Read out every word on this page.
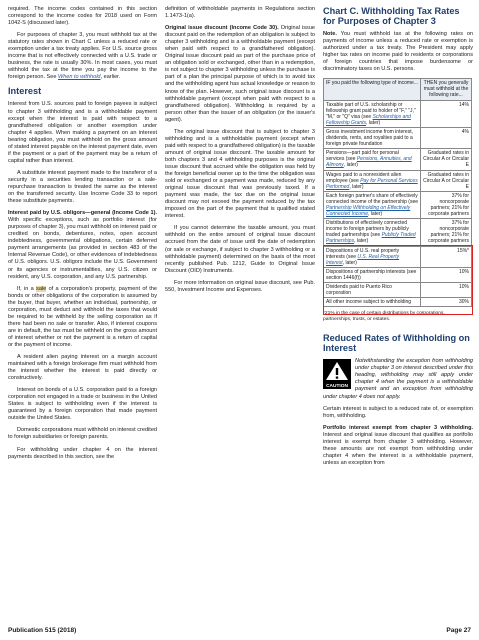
required. The income codes contained in this section correspond to the income codes for 2018 used on Form 1042-S (discussed later).

For purposes of chapter 3, you must withhold tax at the statutory rates shown in Chart C unless a reduced rate or exemption under a tax treaty applies. For U.S. source gross income that is not effectively connected with a U.S. trade or business, the rate is usually 30%. In most cases, you must withhold the tax at the time you pay the income to the foreign person. See When to withhold, earlier.

Interest

Interest from U.S. sources paid to foreign payees is subject to chapter 3 withholding and is a withholdable payment except when the interest is paid with respect to a grandfathered obligation or another exemption under chapter 4 applies. When making a payment on an interest bearing obligation, you must withhold on the gross amount of stated interest payable on the interest payment date, even if the payment or a part of the payment may be a return of capital rather than interest.

A substitute interest payment made to the transferor of a security in a securities lending transaction or a sale-repurchase transaction is treated the same as the interest on the transferred security. Use Income Code 33 to report these substitute payments.

Interest paid by U.S. obligors—general (Income Code 1). With specific exceptions, such as portfolio interest (for purposes of chapter 3), you must withhold on interest paid or credited on bonds, debentures, notes, open account indebtedness, governmental obligations, certain deferred payment arrangements (as provided in section 483 of the Internal Revenue Code), or other evidences of indebtedness of U.S. obligors. U.S. obligors include the U.S. Government or its agencies or instrumentalities, any U.S. citizen or resident, any U.S. corporation, and any U.S. partnership.

If, in a sale of a corporation's property, payment of the bonds or other obligations of the corporation is assumed by the buyer, that buyer, whether an individual, partnership, or corporation, must deduct and withhold the taxes that would be required to be withheld by the selling corporation as if there had been no sale or transfer. Also, if interest coupons are in default, the tax must be withheld on the gross amount of interest whether or not the payment is a return of capital or the payment of income.

A resident alien paying interest on a margin account maintained with a foreign brokerage firm must withhold from the interest whether the interest is paid directly or constructively.

Interest on bonds of a U.S. corporation paid to a foreign corporation not engaged in a trade or business in the United States is subject to withholding even if the interest is guaranteed by a foreign corporation that made payment outside the United States.

Domestic corporations must withhold on interest credited to foreign subsidiaries or foreign parents.

For withholding under chapter 4 on the interest payments described in this section, see the

definition of withholdable payments in Regulations section 1.1473-1(a).

Original issue discount (Income Code 30). Original issue discount paid on the redemption of an obligation is subject to chapter 3 withholding and is a withholdable payment (except when paid with respect to a grandfathered obligation). Original issue discount paid as part of the purchase price of an obligation sold or exchanged, other than in a redemption, is not subject to chapter 3 withholding unless the purchase is part of a plan the principal purpose of which is to avoid tax and the withholding agent has actual knowledge or reason to know of the plan. However, such original issue discount is a withholdable payment (except when paid with respect to a grandfathered obligation). Withholding is required by a person other than the issuer of an obligation (or the issuer's agent).

The original issue discount that is subject to chapter 3 withholding and is a withholdable payment (except when paid with respect to a grandfathered obligation) is the taxable amount of original issue discount. The taxable amount for both chapters 3 and 4 withholding purposes is the original issue discount that accrued while the obligation was held by the foreign beneficial owner up to the time the obligation was sold or exchanged or a payment was made, reduced by any original issue discount that was previously taxed. If a payment was made, the tax due on the original issue discount may not exceed the payment reduced by the tax imposed on the part of the payment that is qualified stated interest.

If you cannot determine the taxable amount, you must withhold on the entire amount of original issue discount accrued from the date of issue until the date of redemption (or sale or exchange, if subject to chapter 3 withholding or a withholdable payment) determined on the basis of the most recently published Pub. 1212, Guide to Original Issue Discount (OID) Instruments.

For more information on original issue discount, see Pub. 550, Investment Income and Expenses.

Chart C. Withholding Tax Rates for Purposes of Chapter 3

Note. You must withhold tax at the following rates on payments of income unless a reduced rate or exemption is authorized under a tax treaty. The President may apply higher tax rates on income paid to residents or corporations of foreign countries that impose burdensome or discriminatory taxes on U.S. persons.

IF you paid the following type of income...	THEN you generally must withhold at the following rate...
Taxable part of U.S. scholarship or fellowship grant paid to holder of "F," "J," "M," or "Q" visa (see Scholarships and Fellowship Grants, later)	14%
Gross investment income from interest, dividends, rents, and royalties paid to a foreign private foundation	4%
Pensions—part paid for personal services (see Pensions, Annuities, and Alimony, later)	Graduated rates in Circular A or Circular E
Wages paid to a nonresident alien employee (see Pay for Personal Services Performed, later)	Graduated rates in Circular A or Circular E
Each foreign partner's share of effectively connected income of the partnership (see Partnership Withholding on Effectively Connected Income, later)	37% for noncorporate partners; 21% for corporate partners
Distributions of effectively connected income to foreign partners by publicly traded partnerships (see Publicly Traded Partnerships, later)	37% for noncorporate partners; 21% for corporate partners
Dispositions of U.S. real property interests (see U.S. Real Property Interest, later)	15%*
Dispositions of partnership interests (see section 1446(f))	10%
Dividends paid to Puerto Rico corporation	10%
All other income subject to withholding	30%
*21% in the case of certain distributions by corporations, partnerships, trusts, or estates.
Reduced Rates of Withholding on Interest

CAUTION
Notwithstanding the exception from withholding under chapter 3 on interest described under this heading, withholding may still apply under chapter 4 when the payment is a withholdable payment and an exception from withholding under chapter 4 does not apply.

Certain interest is subject to a reduced rate of, or exemption from, withholding.

Portfolio interest exempt from chapter 3 withholding. Interest and original issue discount that qualifies as portfolio interest is exempt from chapter 3 withholding. However, these amounts are not exempt from withholding under chapter 4 when the interest is a withholdable payment, unless an exception from

Publication 515 (2018)	Page 27
